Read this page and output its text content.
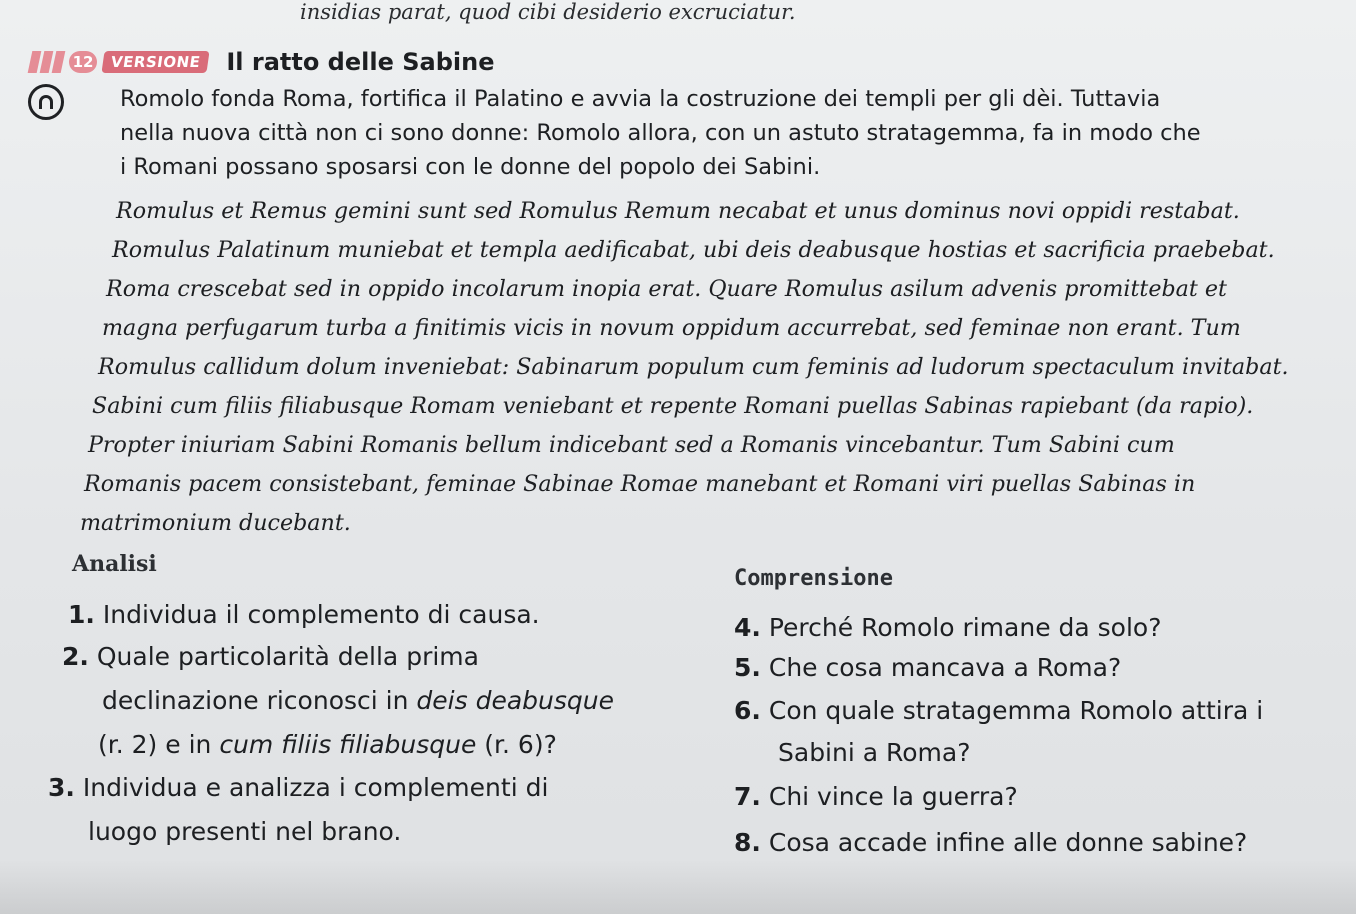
insidias parat, quod cibi desiderio excruciatur.
12	VERSIONE	Il ratto delle Sabine
Romolo fonda Roma, fortifica il Palatino e avvia la costruzione dei templi per gli dèi. Tuttavia
nella nuova città non ci sono donne: Romolo allora, con un astuto stratagemma, fa in modo che
i Romani possano sposarsi con le donne del popolo dei Sabini.
Romulus et Remus gemini sunt sed Romulus Remum necabat et unus dominus novi oppidi restabat.
Romulus Palatinum muniebat et templa aedificabat, ubi deis deabusque hostias et sacrificia praebebat.
Roma crescebat sed in oppido incolarum inopia erat. Quare Romulus asilum advenis promittebat et
magna perfugarum turba a finitimis vicis in novum oppidum accurrebat, sed feminae non erant. Tum
Romulus callidum dolum inveniebat: Sabinarum populum cum feminis ad ludorum spectaculum invitabat.
Sabini cum filiis filiabusque Romam veniebant et repente Romani puellas Sabinas rapiebant (da rapio).
Propter iniuriam Sabini Romanis bellum indicebant sed a Romanis vincebantur. Tum Sabini cum
Romanis pacem consistebant, feminae Sabinae Romae manebant et Romani viri puellas Sabinas in
matrimonium ducebant.
Analisi
Comprensione
1. Individua il complemento di causa.
2. Quale particolarità della prima
declinazione riconosci in deis deabusque
(r. 2) e in cum filiis filiabusque (r. 6)?
3. Individua e analizza i complementi di
luogo presenti nel brano.
4. Perché Romolo rimane da solo?
5. Che cosa mancava a Roma?
6. Con quale stratagemma Romolo attira i
Sabini a Roma?
7. Chi vince la guerra?
8. Cosa accade infine alle donne sabine?
